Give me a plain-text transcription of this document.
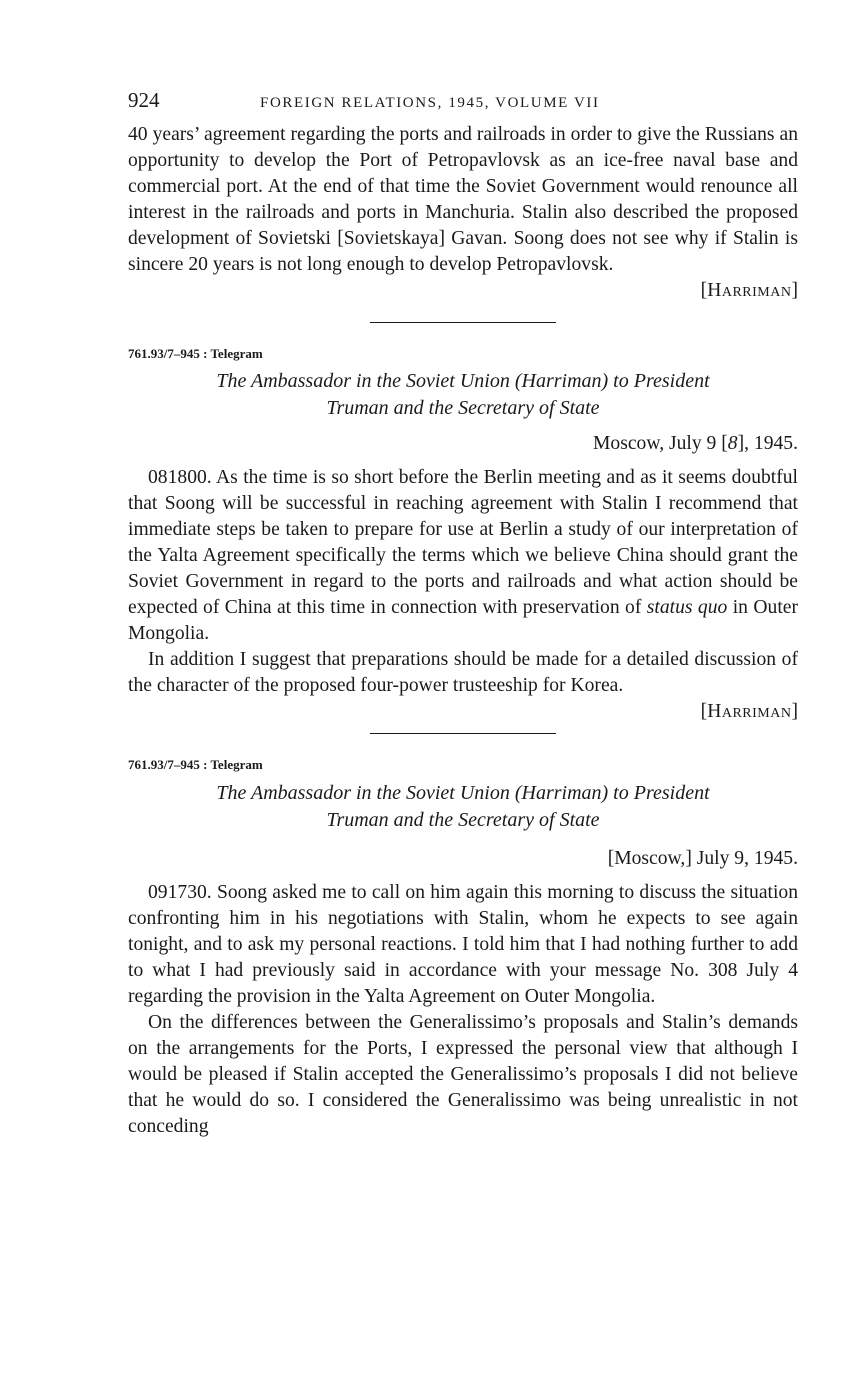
924	FOREIGN RELATIONS, 1945, VOLUME VII

40 years’ agreement regarding the ports and railroads in order to give the Russians an opportunity to develop the Port of Petropavlovsk as an ice-free naval base and commercial port. At the end of that time the Soviet Government would renounce all interest in the railroads and ports in Manchuria. Stalin also described the proposed development of Sovietski [Sovietskaya] Gavan. Soong does not see why if Stalin is sincere 20 years is not long enough to develop Petropavlovsk.

[Harriman]

761.93/7–945 : Telegram

The Ambassador in the Soviet Union (Harriman) to President
Truman and the Secretary of State

Moscow, July 9 [8], 1945.

081800. As the time is so short before the Berlin meeting and as it seems doubtful that Soong will be successful in reaching agreement with Stalin I recommend that immediate steps be taken to prepare for use at Berlin a study of our interpretation of the Yalta Agreement specifically the terms which we believe China should grant the Soviet Government in regard to the ports and railroads and what action should be expected of China at this time in connection with preservation of status quo in Outer Mongolia.

In addition I suggest that preparations should be made for a detailed discussion of the character of the proposed four-power trusteeship for Korea.

[Harriman]

761.93/7–945 : Telegram

The Ambassador in the Soviet Union (Harriman) to President
Truman and the Secretary of State

[Moscow,] July 9, 1945.

091730. Soong asked me to call on him again this morning to discuss the situation confronting him in his negotiations with Stalin, whom he expects to see again tonight, and to ask my personal reactions. I told him that I had nothing further to add to what I had previously said in accordance with your message No. 308 July 4 regarding the provision in the Yalta Agreement on Outer Mongolia.

On the differences between the Generalissimo’s proposals and Stalin’s demands on the arrangements for the Ports, I expressed the personal view that although I would be pleased if Stalin accepted the Generalissimo’s proposals I did not believe that he would do so. I considered the Generalissimo was being unrealistic in not conceding
